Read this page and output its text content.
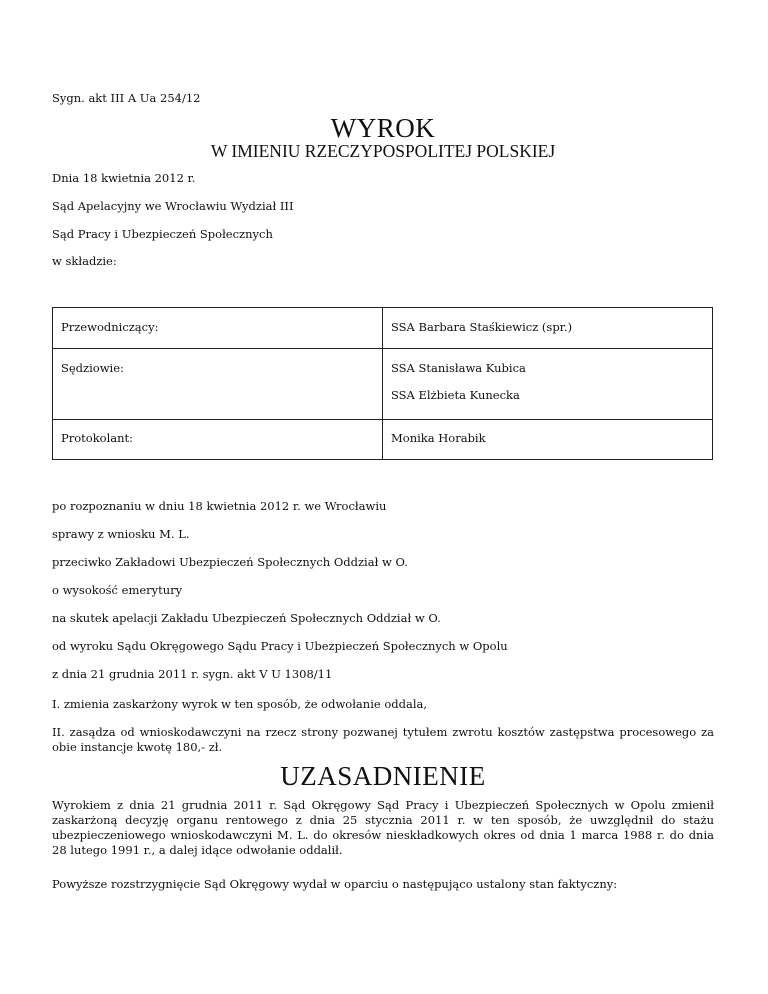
Sygn. akt III A Ua 254/12
WYROK
W IMIENIU RZECZYPOSPOLITEJ POLSKIEJ
Dnia 18 kwietnia 2012 r.
Sąd Apelacyjny we Wrocławiu Wydział III
Sąd Pracy i Ubezpieczeń Społecznych
w składzie:
Przewodniczący:	SSA Barbara Staśkiewicz (spr.)
Sędziowie:	SSA Stanisława Kubica
SSA Elżbieta Kunecka

Protokolant:	Monika Horabik
po rozpoznaniu w dniu 18 kwietnia 2012 r. we Wrocławiu
sprawy z wniosku M. L.
przeciwko Zakładowi Ubezpieczeń Społecznych Oddział w O.
o wysokość emerytury
na skutek apelacji Zakładu Ubezpieczeń Społecznych Oddział w O.
od wyroku Sądu Okręgowego Sądu Pracy i Ubezpieczeń Społecznych w Opolu
z dnia 21 grudnia 2011 r. sygn. akt V U 1308/11
I. zmienia zaskarżony wyrok w ten sposób, że odwołanie oddala,
II. zasądza od wnioskodawczyni na rzecz strony pozwanej tytułem zwrotu kosztów zastępstwa procesowego za obie instancje kwotę 180,- zł.
UZASADNIENIE
Wyrokiem z dnia 21 grudnia 2011 r. Sąd Okręgowy Sąd Pracy i Ubezpieczeń Społecznych w Opolu zmienił zaskarżoną decyzję organu rentowego z dnia 25 stycznia 2011 r. w ten sposób, że uwzględnił do stażu ubezpieczeniowego wnioskodawczyni M. L. do okresów nieskładkowych okres od dnia 1 marca 1988 r. do dnia 28 lutego 1991 r., a dalej idące odwołanie oddalił.
Powyższe rozstrzygnięcie Sąd Okręgowy wydał w oparciu o następująco ustalony stan faktyczny:
